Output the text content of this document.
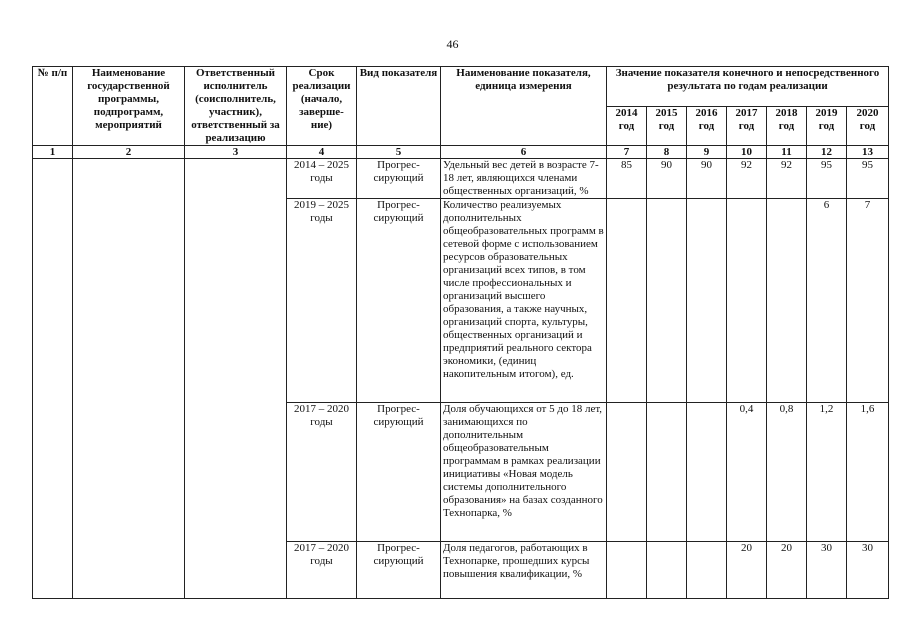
46
№ п/п	Наименование государственной программы, подпрограмм, мероприятий	Ответственный исполнитель (соисполнитель, участник), ответственный за реализацию	Срок реализации (начало, заверше-ние)	Вид показателя	Наименование показателя, единица измерения	Значение показателя конечного и непосредственного результата по годам реализации						
						2014 год	2015 год	2016 год	2017 год	2018 год	2019 год	2020 год
1	2	3	4	5	6	7	8	9	10	11	12	13
			2014 – 2025 годы	Прогрес-сирующий	Удельный вес детей в возрасте 7-18 лет, являющихся членами общественных организаций, %	85	90	90	92	92	95	95
			2019 – 2025 годы	Прогрес-сирующий	Количество реализуемых дополнительных общеобразовательных программ в сетевой форме с использованием ресурсов образовательных организаций всех типов, в том числе профессиональных и организаций высшего образования, а также научных, организаций спорта, культуры, общественных организаций и предприятий реального сектора экономики, (единиц накопительным итогом), ед.						6	7
			2017 – 2020 годы	Прогрес-сирующий	Доля обучающихся от 5 до 18 лет, занимающихся по дополнительным общеобразовательным программам в рамках реализации инициативы «Новая модель системы дополнительного образования» на базах созданного Технопарка, %				0,4	0,8	1,2	1,6
			2017 – 2020 годы	Прогрес-сирующий	Доля педагогов, работающих в Технопарке, прошедших курсы повышения квалификации, %				20	20	30	30
